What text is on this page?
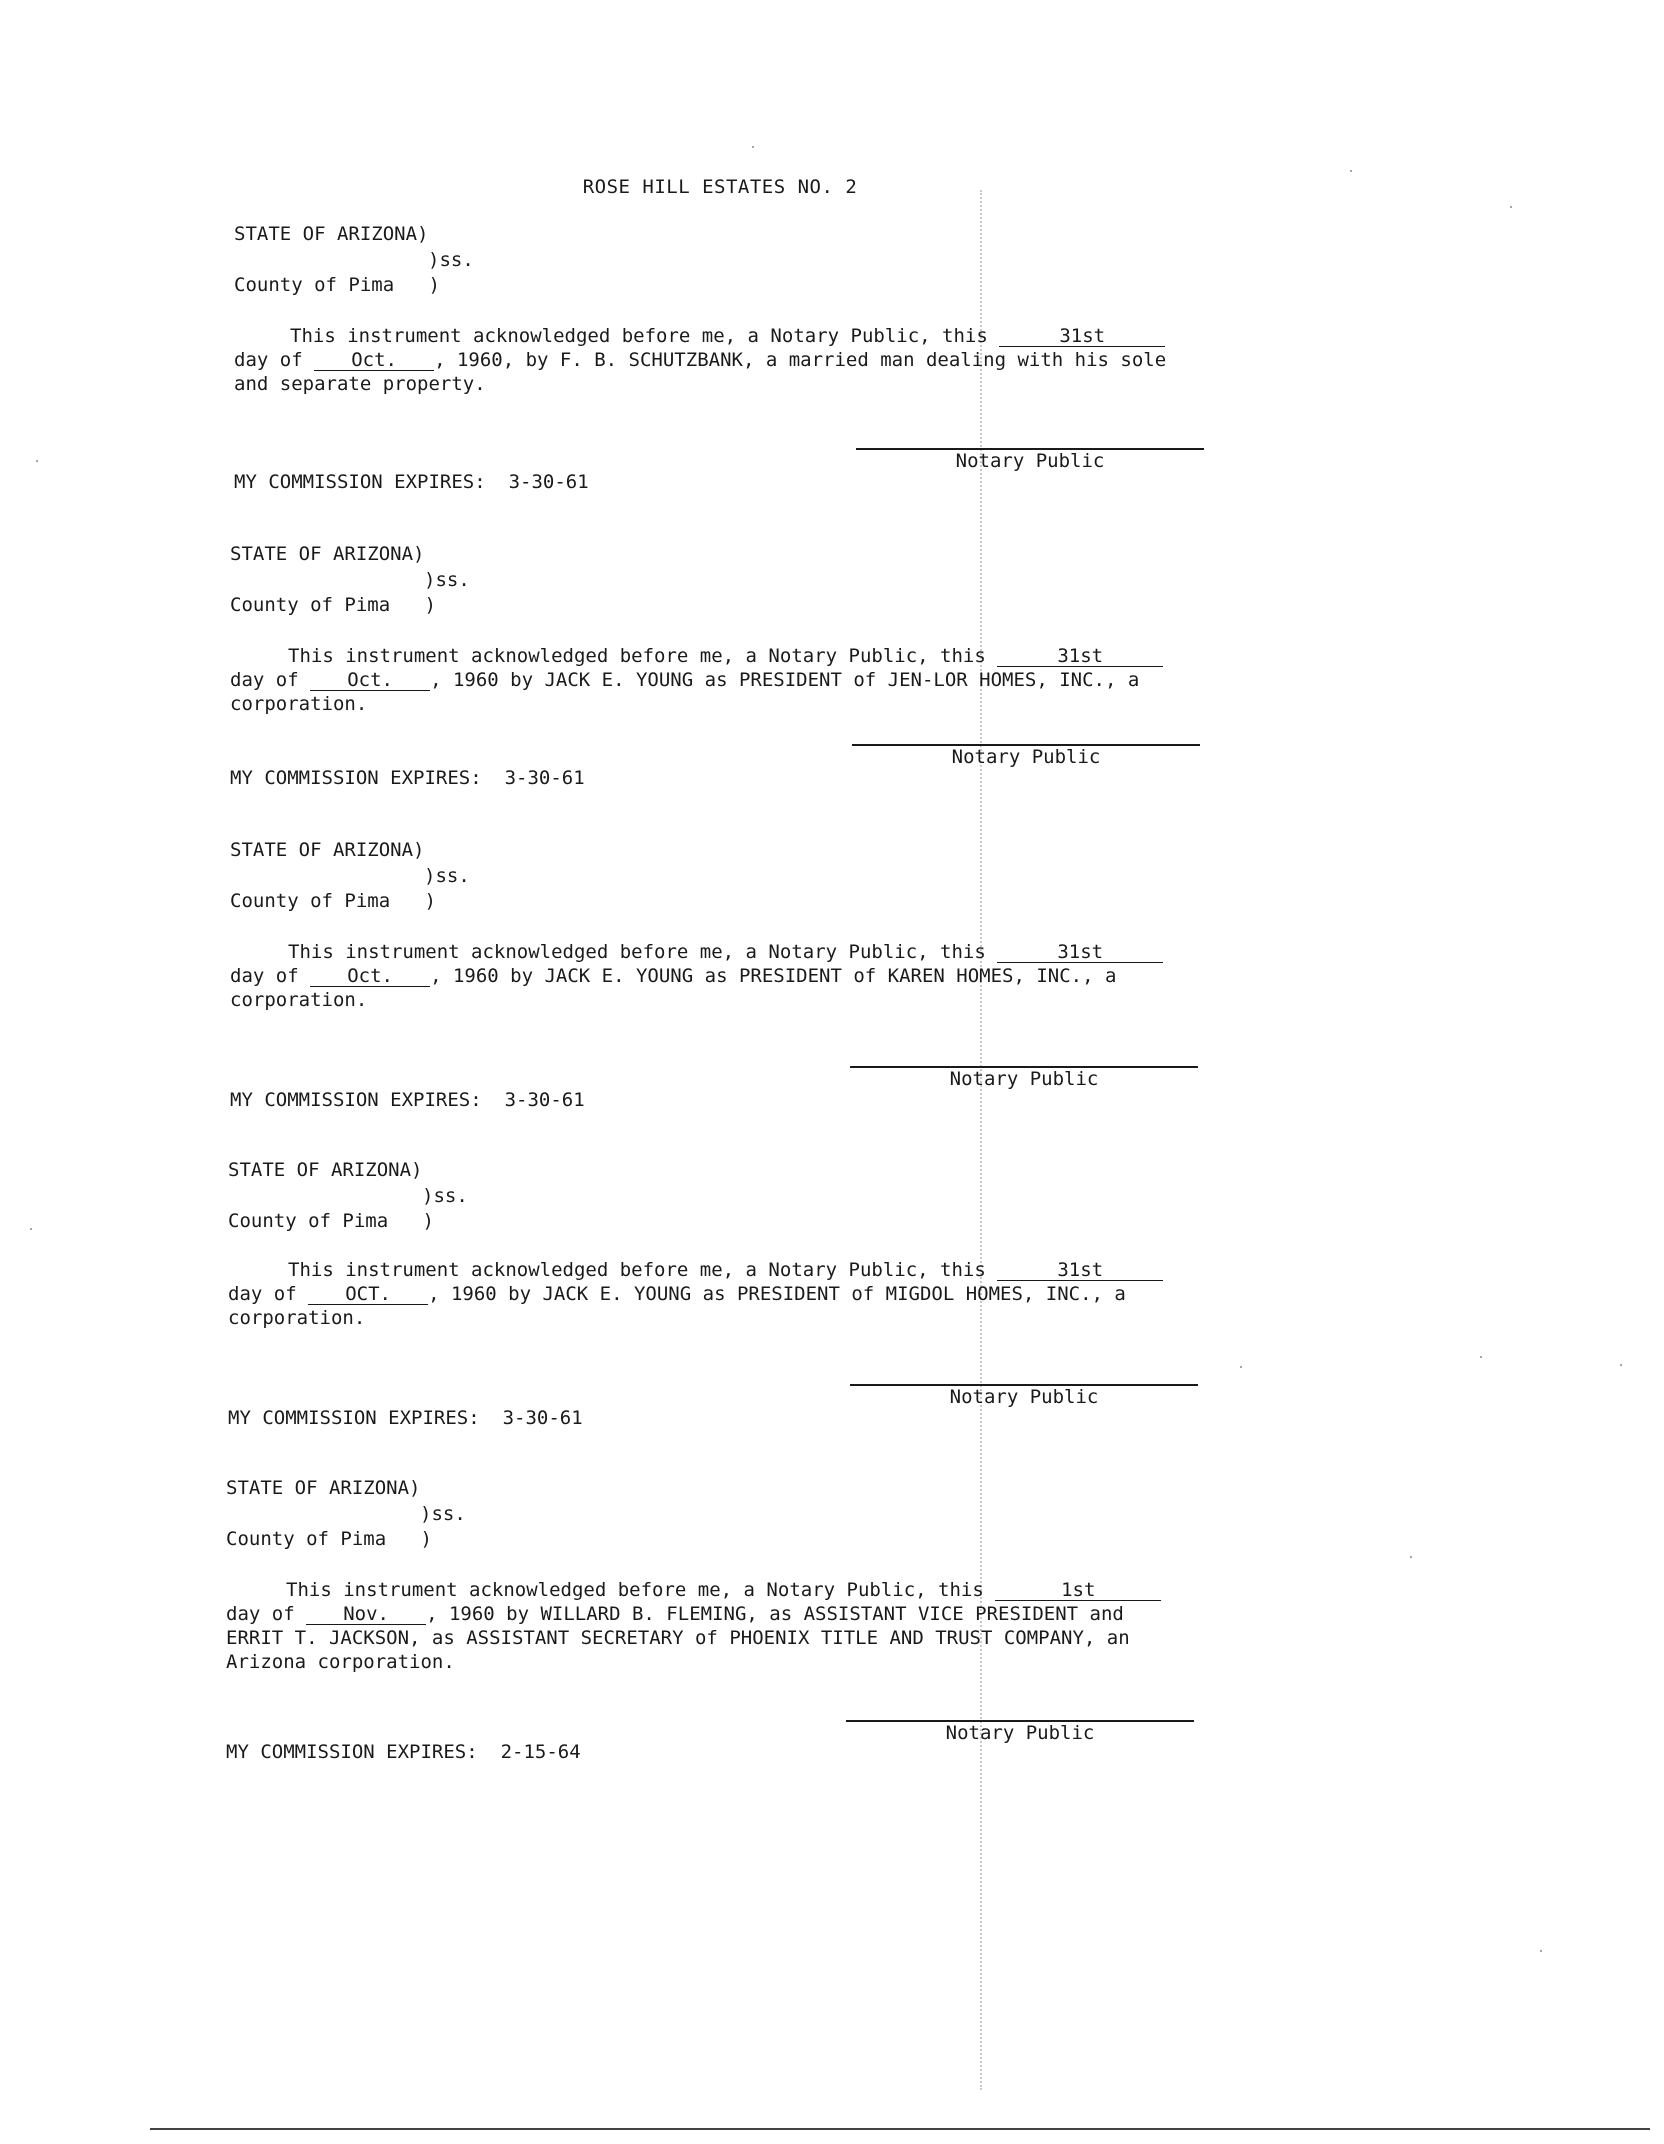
ROSE HILL ESTATES NO. 2
STATE OF ARIZONA)
)ss.
County of Pima   )
This instrument acknowledged before me, a Notary Public, this	31st
day of	Oct. , 1960, by F. B. SCHUTZBANK, a married man dealing with his sole
and separate property.
Notary Public
MY COMMISSION EXPIRES: 3-30-61
STATE OF ARIZONA)
)ss.
County of Pima   )
This instrument acknowledged before me, a Notary Public, this	31st
day of	Oct. , 1960 by JACK E. YOUNG as PRESIDENT of JEN-LOR HOMES, INC., a
corporation.
Notary Public
MY COMMISSION EXPIRES: 3-30-61
STATE OF ARIZONA)
)ss.
County of Pima   )
This instrument acknowledged before me, a Notary Public, this	31st
day of	Oct. , 1960 by JACK E. YOUNG as PRESIDENT of KAREN HOMES, INC., a
corporation.
Notary Public
MY COMMISSION EXPIRES: 3-30-61
STATE OF ARIZONA)
)ss.
County of Pima   )
This instrument acknowledged before me, a Notary Public, this	31st
day of	OCT. , 1960 by JACK E. YOUNG as PRESIDENT of MIGDOL HOMES, INC., a
corporation.
Notary Public
MY COMMISSION EXPIRES: 3-30-61
STATE OF ARIZONA)
)ss.
County of Pima   )
This instrument acknowledged before me, a Notary Public, this	1st
day of	Nov. , 1960 by WILLARD B. FLEMING, as ASSISTANT VICE PRESIDENT and
ERRIT T. JACKSON, as ASSISTANT SECRETARY of PHOENIX TITLE AND TRUST COMPANY, an
Arizona corporation.
Notary Public
MY COMMISSION EXPIRES: 2-15-64
